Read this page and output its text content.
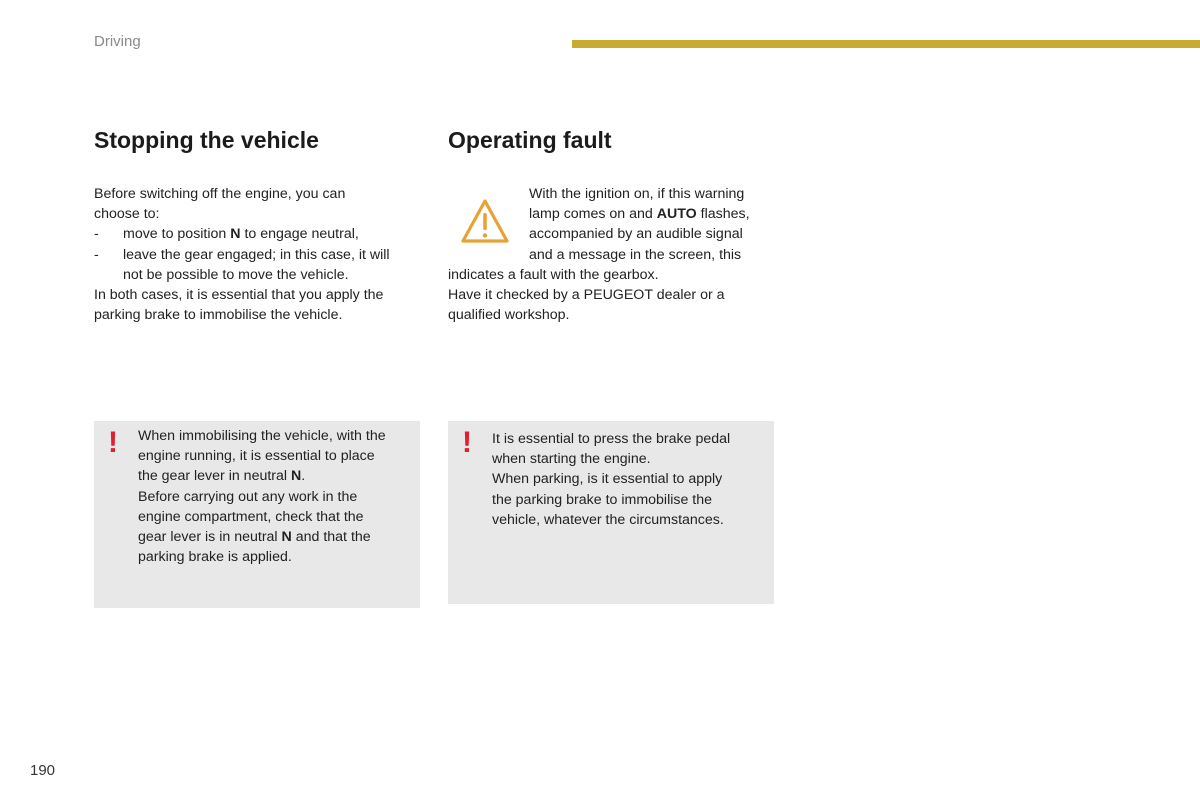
Driving
Stopping the vehicle

Before switching off the engine, you can

choose to:

- move to position N to engage neutral,
- leave the gear engaged; in this case, it will

not be possible to move the vehicle.

In both cases, it is essential that you apply the

parking brake to immobilise the vehicle.

! When immobilising the vehicle, with the

engine running, it is essential to place

the gear lever in neutral N.

Before carrying out any work in the

engine compartment, check that the

gear lever is in neutral N and that the

parking brake is applied.

Operating fault

With the ignition on, if this warning

lamp comes on and AUTO flashes,

accompanied by an audible signal

and a message in the screen, this

indicates a fault with the gearbox.

Have it checked by a PEUGEOT dealer or a

qualified workshop.

! It is essential to press the brake pedal

when starting the engine.

When parking, is it essential to apply

the parking brake to immobilise the

vehicle, whatever the circumstances.

190
